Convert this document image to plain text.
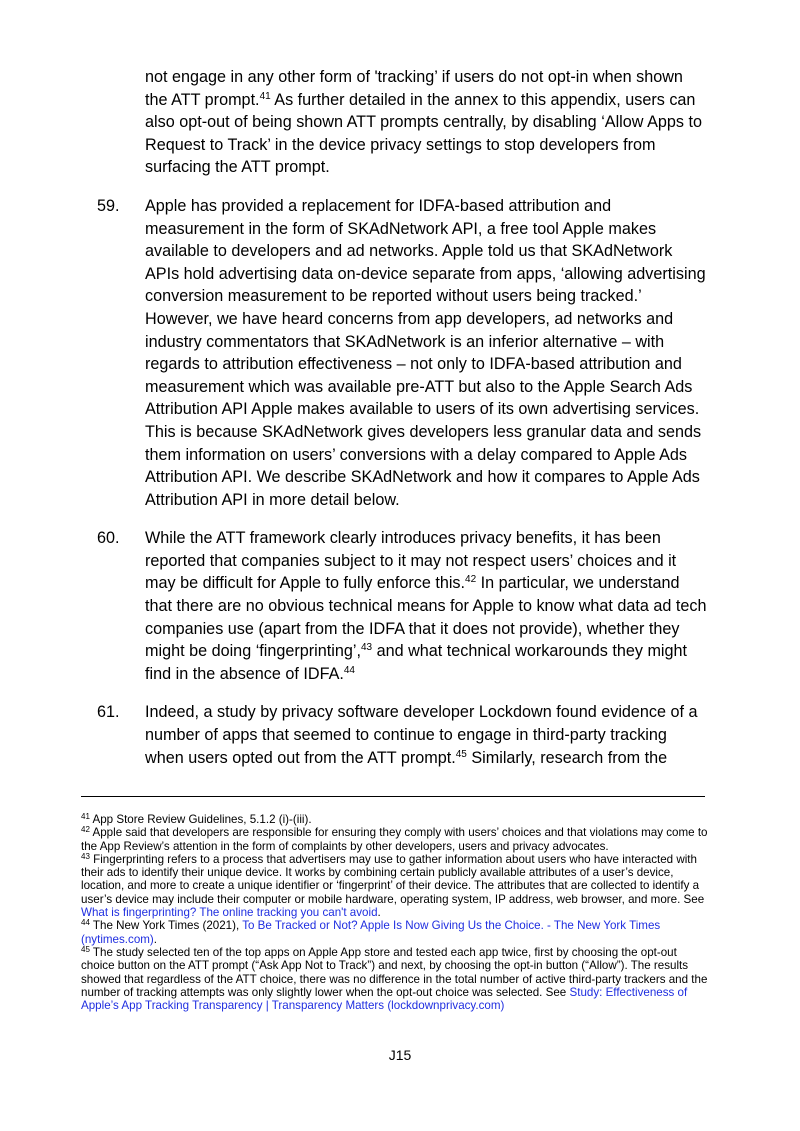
not engage in any other form of 'tracking’ if users do not opt-in when shown the ATT prompt.$^{41}$ As further detailed in the annex to this appendix, users can also opt-out of being shown ATT prompts centrally, by disabling ‘Allow Apps to Request to Track’ in the device privacy settings to stop developers from surfacing the ATT prompt.
59. Apple has provided a replacement for IDFA-based attribution and measurement in the form of SKAdNetwork API, a free tool Apple makes available to developers and ad networks. Apple told us that SKAdNetwork APIs hold advertising data on-device separate from apps, ‘allowing advertising conversion measurement to be reported without users being tracked.’ However, we have heard concerns from app developers, ad networks and industry commentators that SKAdNetwork is an inferior alternative – with regards to attribution effectiveness – not only to IDFA-based attribution and measurement which was available pre-ATT but also to the Apple Search Ads Attribution API Apple makes available to users of its own advertising services. This is because SKAdNetwork gives developers less granular data and sends them information on users’ conversions with a delay compared to Apple Ads Attribution API. We describe SKAdNetwork and how it compares to Apple Ads Attribution API in more detail below.
60. While the ATT framework clearly introduces privacy benefits, it has been reported that companies subject to it may not respect users’ choices and it may be difficult for Apple to fully enforce this.$^{42}$ In particular, we understand that there are no obvious technical means for Apple to know what data ad tech companies use (apart from the IDFA that it does not provide), whether they might be doing ‘fingerprinting’,$^{43}$ and what technical workarounds they might find in the absence of IDFA.$^{44}$
61. Indeed, a study by privacy software developer Lockdown found evidence of a number of apps that seemed to continue to engage in third-party tracking when users opted out from the ATT prompt.$^{45}$ Similarly, research from the

$^{41}$ App Store Review Guidelines, 5.1.2 (i)-(iii).

$^{42}$ Apple said that developers are responsible for ensuring they comply with users’ choices and that violations may come to the App Review’s attention in the form of complaints by other developers, users and privacy advocates.

$^{43}$ Fingerprinting refers to a process that advertisers may use to gather information about users who have interacted with their ads to identify their unique device. It works by combining certain publicly available attributes of a user’s device, location, and more to create a unique identifier or ‘fingerprint’ of their device. The attributes that are collected to identify a user’s device may include their computer or mobile hardware, operating system, IP address, web browser, and more. See What is fingerprinting? The online tracking you can't avoid.

$^{44}$ The New York Times (2021), To Be Tracked or Not? Apple Is Now Giving Us the Choice. - The New York Times (nytimes.com).

$^{45}$ The study selected ten of the top apps on Apple App store and tested each app twice, first by choosing the opt-out choice button on the ATT prompt (“Ask App Not to Track”) and next, by choosing the opt-in button (“Allow”). The results showed that regardless of the ATT choice, there was no difference in the total number of active third-party trackers and the number of tracking attempts was only slightly lower when the opt-out choice was selected. See Study: Effectiveness of Apple’s App Tracking Transparency | Transparency Matters (lockdownprivacy.com)

J15
